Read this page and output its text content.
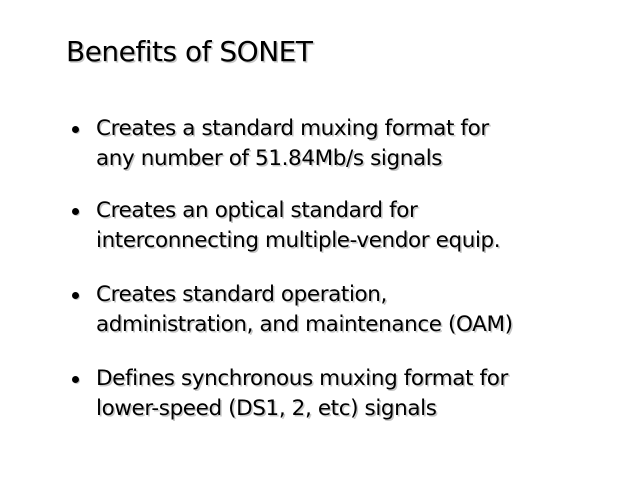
Benefits of SONET
Creates a standard muxing format for
any number of 51.84Mb/s signals
Creates an optical standard for
interconnecting multiple-vendor equip.
Creates standard operation,
administration, and maintenance (OAM)
Defines synchronous muxing format for
lower-speed (DS1, 2, etc) signals
